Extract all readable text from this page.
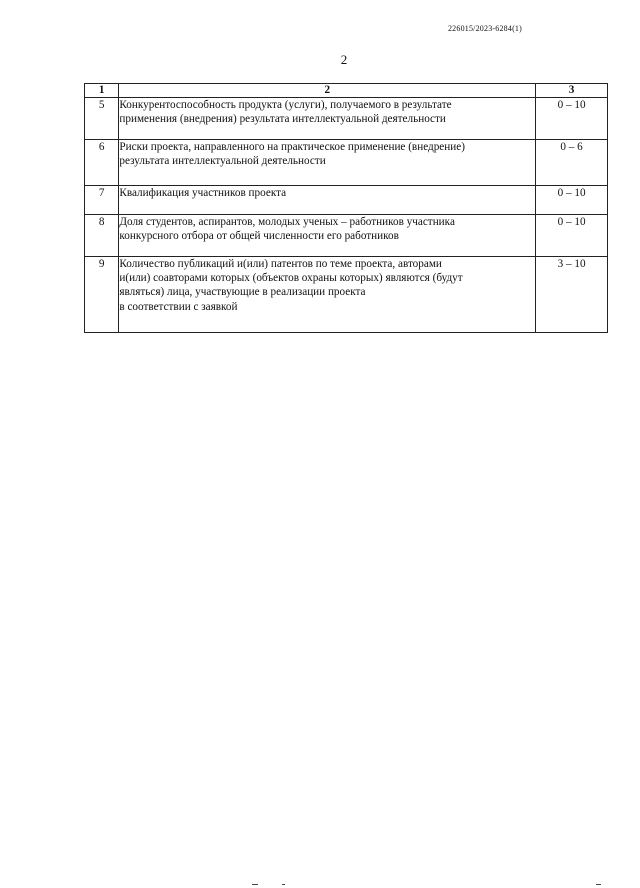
226015/2023-6284(1)
2
1	2	3
5	Конкурентоспособность продукта (услуги), получаемого в результате
применения (внедрения) результата интеллектуальной деятельности	0 – 10
6	Риски проекта, направленного на практическое применение (внедрение)
результата интеллектуальной деятельности	0 – 6
7	Квалификация участников проекта	0 – 10
8	Доля студентов, аспирантов, молодых ученых – работников участника
конкурсного отбора от общей численности его работников	0 – 10
9	Количество публикаций и(или) патентов по теме проекта, авторами
и(или) соавторами которых (объектов охраны которых) являются (будут
являться) лица, участвующие в реализации проекта
в соответствии с заявкой	3 – 10
